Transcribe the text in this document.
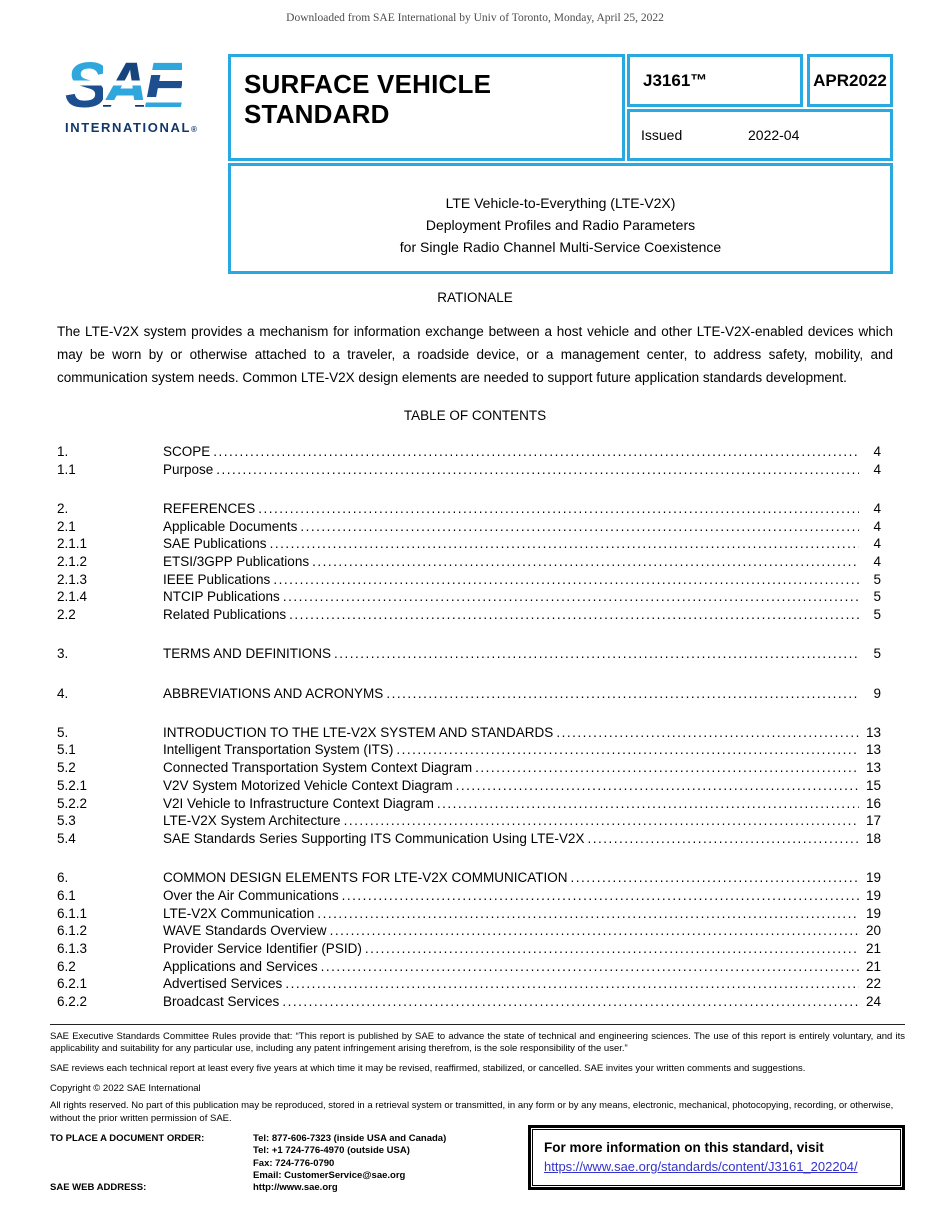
Downloaded from SAE International by Univ of Toronto, Monday, April 25, 2022
SAE
INTERNATIONAL®
SURFACE VEHICLE STANDARD
J3161™	APR2022
Issued	2022-04
LTE Vehicle-to-Everything (LTE-V2X)
Deployment Profiles and Radio Parameters
for Single Radio Channel Multi-Service Coexistence
RATIONALE
The LTE-V2X system provides a mechanism for information exchange between a host vehicle and other LTE-V2X-enabled devices which may be worn by or otherwise attached to a traveler, a roadside device, or a management center, to address safety, mobility, and communication system needs. Common LTE-V2X design elements are needed to support future application standards development.
TABLE OF CONTENTS
1.	SCOPE .....	4
1.1	Purpose .....	4
2.	REFERENCES .....	4
2.1	Applicable Documents .....	4
2.1.1	SAE Publications .....	4
2.1.2	ETSI/3GPP Publications .....	4
2.1.3	IEEE Publications .....	5
2.1.4	NTCIP Publications .....	5
2.2	Related Publications .....	5
3.	TERMS AND DEFINITIONS .....	5
4.	ABBREVIATIONS AND ACRONYMS .....	9
5.	INTRODUCTION TO THE LTE-V2X SYSTEM AND STANDARDS .....	13
5.1	Intelligent Transportation System (ITS) .....	13
5.2	Connected Transportation System Context Diagram .....	13
5.2.1	V2V System Motorized Vehicle Context Diagram .....	15
5.2.2	V2I Vehicle to Infrastructure Context Diagram .....	16
5.3	LTE-V2X System Architecture .....	17
5.4	SAE Standards Series Supporting ITS Communication Using LTE-V2X .....	18
6.	COMMON DESIGN ELEMENTS FOR LTE-V2X COMMUNICATION .....	19
6.1	Over the Air Communications .....	19
6.1.1	LTE-V2X Communication .....	19
6.1.2	WAVE Standards Overview .....	20
6.1.3	Provider Service Identifier (PSID) .....	21
6.2	Applications and Services .....	21
6.2.1	Advertised Services .....	22
6.2.2	Broadcast Services .....	24
SAE Executive Standards Committee Rules provide that: “This report is published by SAE to advance the state of technical and engineering sciences. The use of this report is entirely voluntary, and its applicability and suitability for any particular use, including any patent infringement arising therefrom, is the sole responsibility of the user.”
SAE reviews each technical report at least every five years at which time it may be revised, reaffirmed, stabilized, or cancelled. SAE invites your written comments and suggestions.
Copyright © 2022 SAE International
All rights reserved. No part of this publication may be reproduced, stored in a retrieval system or transmitted, in any form or by any means, electronic, mechanical, photocopying, recording, or otherwise, without the prior written permission of SAE.
TO PLACE A DOCUMENT ORDER:
SAE WEB ADDRESS:
Tel: 877-606-7323 (inside USA and Canada)
Tel: +1 724-776-4970 (outside USA)
Fax: 724-776-0790
Email: CustomerService@sae.org
http://www.sae.org
For more information on this standard, visit
https://www.sae.org/standards/content/J3161_202204/
